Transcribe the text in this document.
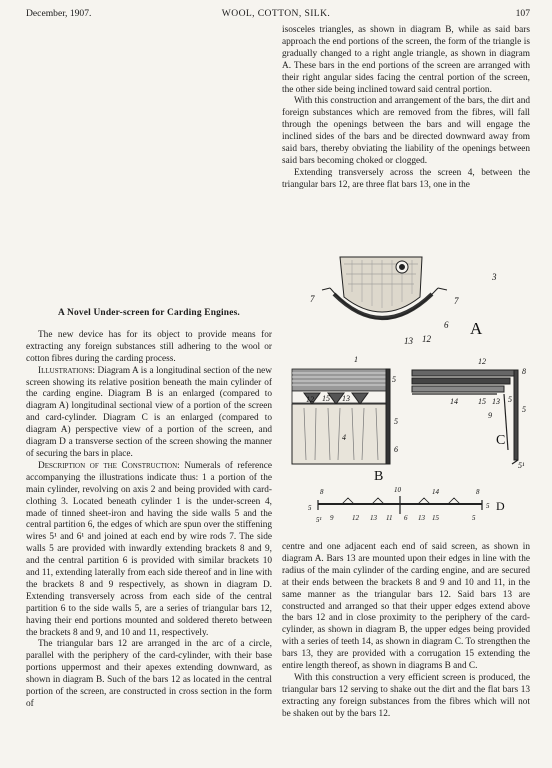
December, 1907.	WOOL, COTTON, SILK.	107

isosceles triangles, as shown in diagram B, while as said bars approach the end portions of the screen, the form of the triangle is gradually changed to a right angle triangle, as shown in diagram A. These bars in the end portions of the screen are arranged with their right angular sides facing the central portion of the screen, the other side being inclined toward said central portion.

With this construction and arrangement of the bars, the dirt and foreign substances which are removed from the fibres, will fall through the openings between the bars and will engage the inclined sides of the bars and be directed downward away from said bars, thereby obviating the liability of the openings between said bars becoming choked or clogged.

Extending transversely across the screen 4, between the triangular bars 12, are three flat bars 13, one in the

3
7	7
6
12
13
A
1
5
12	13
15
4
5
6
B
12
8
14	15 13
9
5
5
5¹
C
8	10	14	8
5	5
5¹ 9	12 13 11 6 13 15	5
D
A Novel Under-screen for Carding Engines.

The new device has for its object to provide means for extracting any foreign substances still adhering to the wool or cotton fibres during the carding process.

Illustrations: Diagram A is a longitudinal section of the new screen showing its relative position beneath the main cylinder of the carding engine. Diagram B is an enlarged (compared to diagram A) longitudinal sectional view of a portion of the screen and card-cylinder. Diagram C is an enlarged (compared to diagram A) perspective view of a portion of the screen, and diagram D a transverse section of the screen showing the manner of securing the bars in place.

Description of the Construction: Numerals of reference accompanying the illustrations indicate thus: 1 a portion of the main cylinder, revolving on axis 2 and being provided with card-clothing 3. Located beneath cylinder 1 is the under-screen 4, made of tinned sheet-iron and having the side walls 5 and the central partition 6, the edges of which are spun over the stiffening wires 5¹ and 6¹ and joined at each end by wire rods 7. The side walls 5 are provided with inwardly extending brackets 8 and 9, and the central partition 6 is provided with similar brackets 10 and 11, extending laterally from each side thereof and in line with the brackets 8 and 9 respectively, as shown in diagram D. Extending transversely across from each side of the central partition 6 to the side walls 5, are a series of triangular bars 12, having their end portions mounted and soldered thereto between the brackets 8 and 9, and 10 and 11, respectively.

The triangular bars 12 are arranged in the arc of a circle, parallel with the periphery of the card-cylinder, with their base portions uppermost and their apexes extending downward, as shown in diagram B. Such of the bars 12 as located in the central portion of the screen, are constructed in cross section in the form of

centre and one adjacent each end of said screen, as shown in diagram A. Bars 13 are mounted upon their edges in line with the radius of the main cylinder of the carding engine, and are secured at their ends between the brackets 8 and 9 and 10 and 11, in the same manner as the triangular bars 12. Said bars 13 are constructed and arranged so that their upper edges extend above the bars 12 and in close proximity to the periphery of the card-cylinder, as shown in diagram B, the upper edges being provided with a series of teeth 14, as shown in diagram C. To strengthen the bars 13, they are provided with a corrugation 15 extending the entire length thereof, as shown in diagrams B and C.

With this construction a very efficient screen is produced, the triangular bars 12 serving to shake out the dirt and the flat bars 13 extracting any foreign substances from the fibres which will not be shaken out by the bars 12.
